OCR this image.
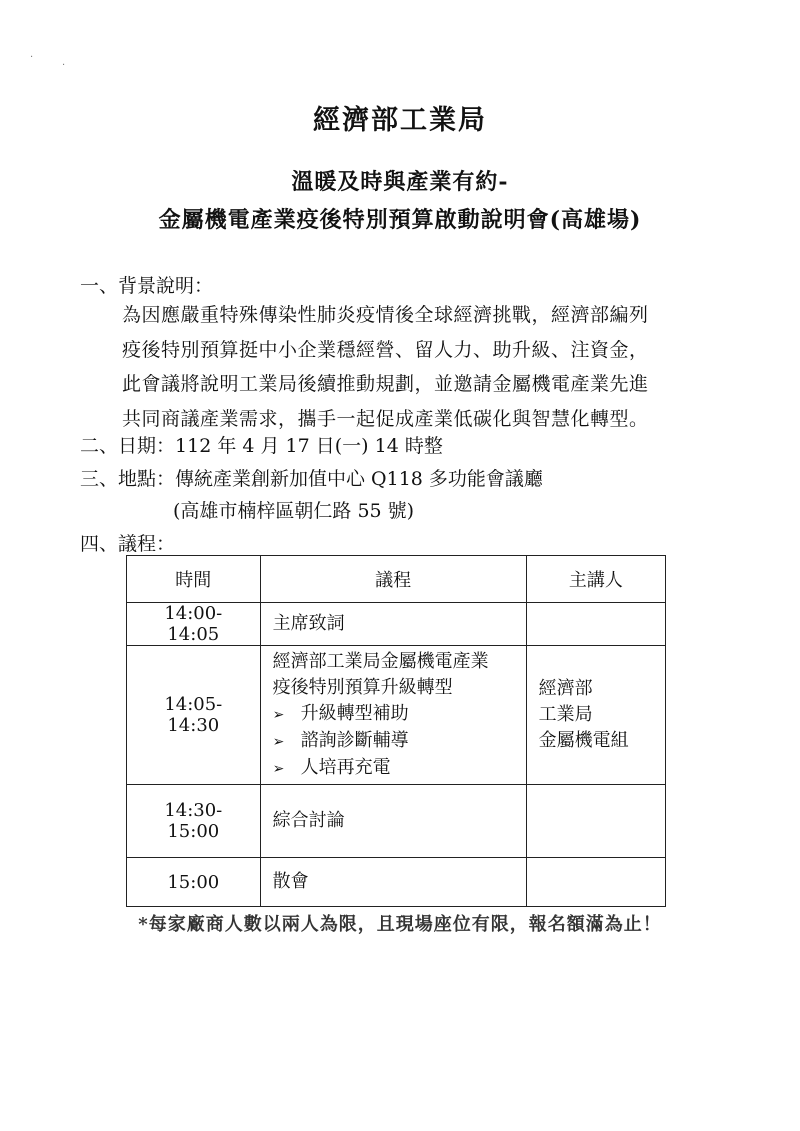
·
·
經濟部工業局
溫暖及時與產業有約-
金屬機電產業疫後特別預算啟動說明會(高雄場)
一、背景說明：
為因應嚴重特殊傳染性肺炎疫情後全球經濟挑戰，經濟部編列
疫後特別預算挺中小企業穩經營、留人力、助升級、注資金，
此會議將說明工業局後續推動規劃，並邀請金屬機電產業先進
共同商議產業需求，攜手一起促成產業低碳化與智慧化轉型。
二、日期：112 年 4 月 17 日(一) 14 時整
三、地點：傳統產業創新加值中心 Q118 多功能會議廳
(高雄市楠梓區朝仁路 55 號)
四、議程：
時間	議程	主講人
14:00-14:05	主席致詞	

14:05-14:30	經濟部工業局金屬機電產業
疫後特別預算升級轉型
➢ 升級轉型補助
➢ 諮詢診斷輔導
➢ 人培再充電	經濟部
工業局
金屬機電組

14:30-15:00	綜合討論	

15:00	散會	

*每家廠商人數以兩人為限，且現場座位有限，報名額滿為止！
